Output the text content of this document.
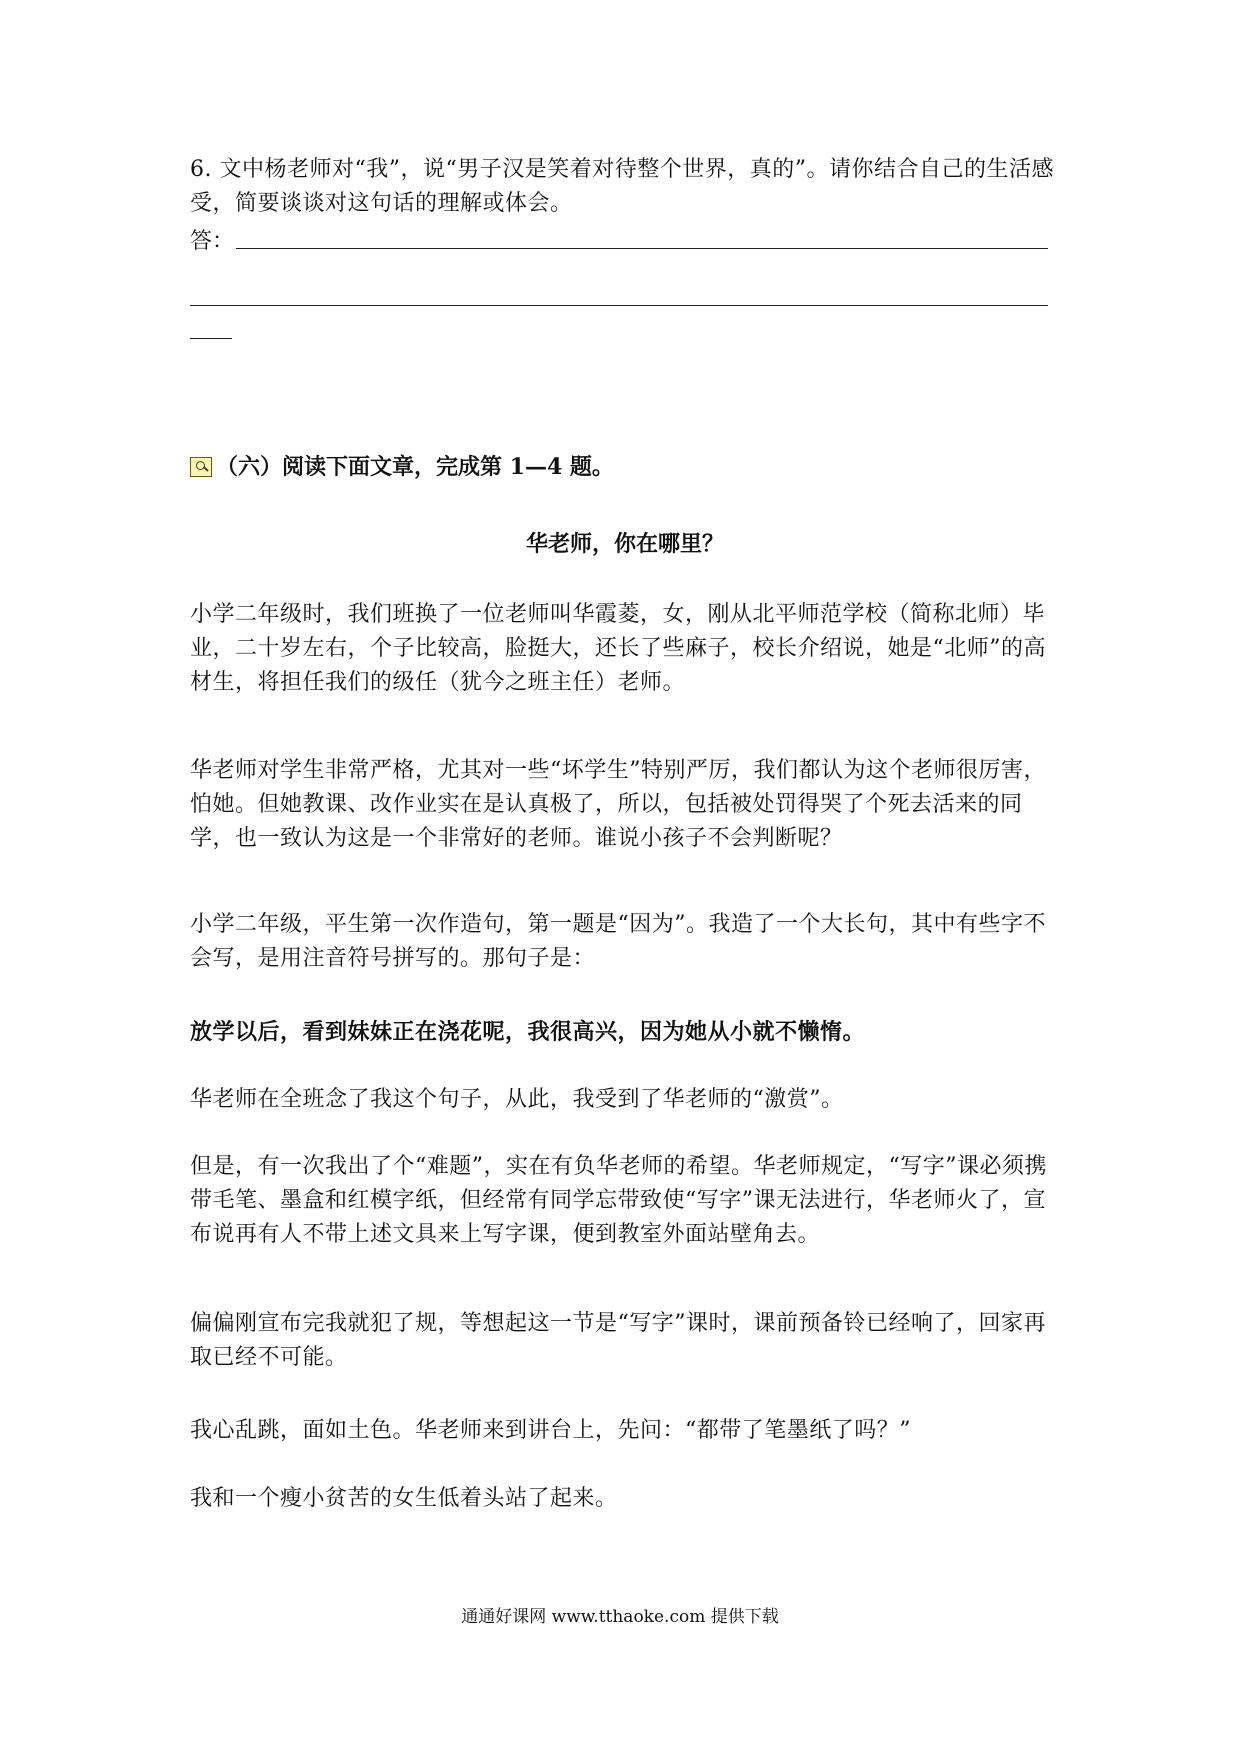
6. 文中杨老师对“我”，说“男子汉是笑着对待整个世界，真的”。请你结合自己的生活感受，简要谈谈对这句话的理解或体会。
答：
（六）阅读下面文章，完成第 1—4 题。
华老师，你在哪里？
小学二年级时，我们班换了一位老师叫华霞菱，女，刚从北平师范学校（简称北师）毕业，二十岁左右，个子比较高，脸挺大，还长了些麻子，校长介绍说，她是“北师”的高材生，将担任我们的级任（犹今之班主任）老师。
华老师对学生非常严格，尤其对一些“坏学生”特别严厉，我们都认为这个老师很厉害，怕她。但她教课、改作业实在是认真极了，所以，包括被处罚得哭了个死去活来的同学，也一致认为这是一个非常好的老师。谁说小孩子不会判断呢？
小学二年级，平生第一次作造句，第一题是“因为”。我造了一个大长句，其中有些字不会写，是用注音符号拼写的。那句子是：
放学以后，看到妹妹正在浇花呢，我很高兴，因为她从小就不懒惰。
华老师在全班念了我这个句子，从此，我受到了华老师的“激赏”。
但是，有一次我出了个“难题”，实在有负华老师的希望。华老师规定，“写字”课必须携带毛笔、墨盒和红模字纸，但经常有同学忘带致使“写字”课无法进行，华老师火了，宣布说再有人不带上述文具来上写字课，便到教室外面站壁角去。
偏偏刚宣布完我就犯了规，等想起这一节是“写字”课时，课前预备铃已经响了，回家再取已经不可能。
我心乱跳，面如土色。华老师来到讲台上，先问：“都带了笔墨纸了吗？”
我和一个瘦小贫苦的女生低着头站了起来。
通通好课网 www.tthaoke.com 提供下载
